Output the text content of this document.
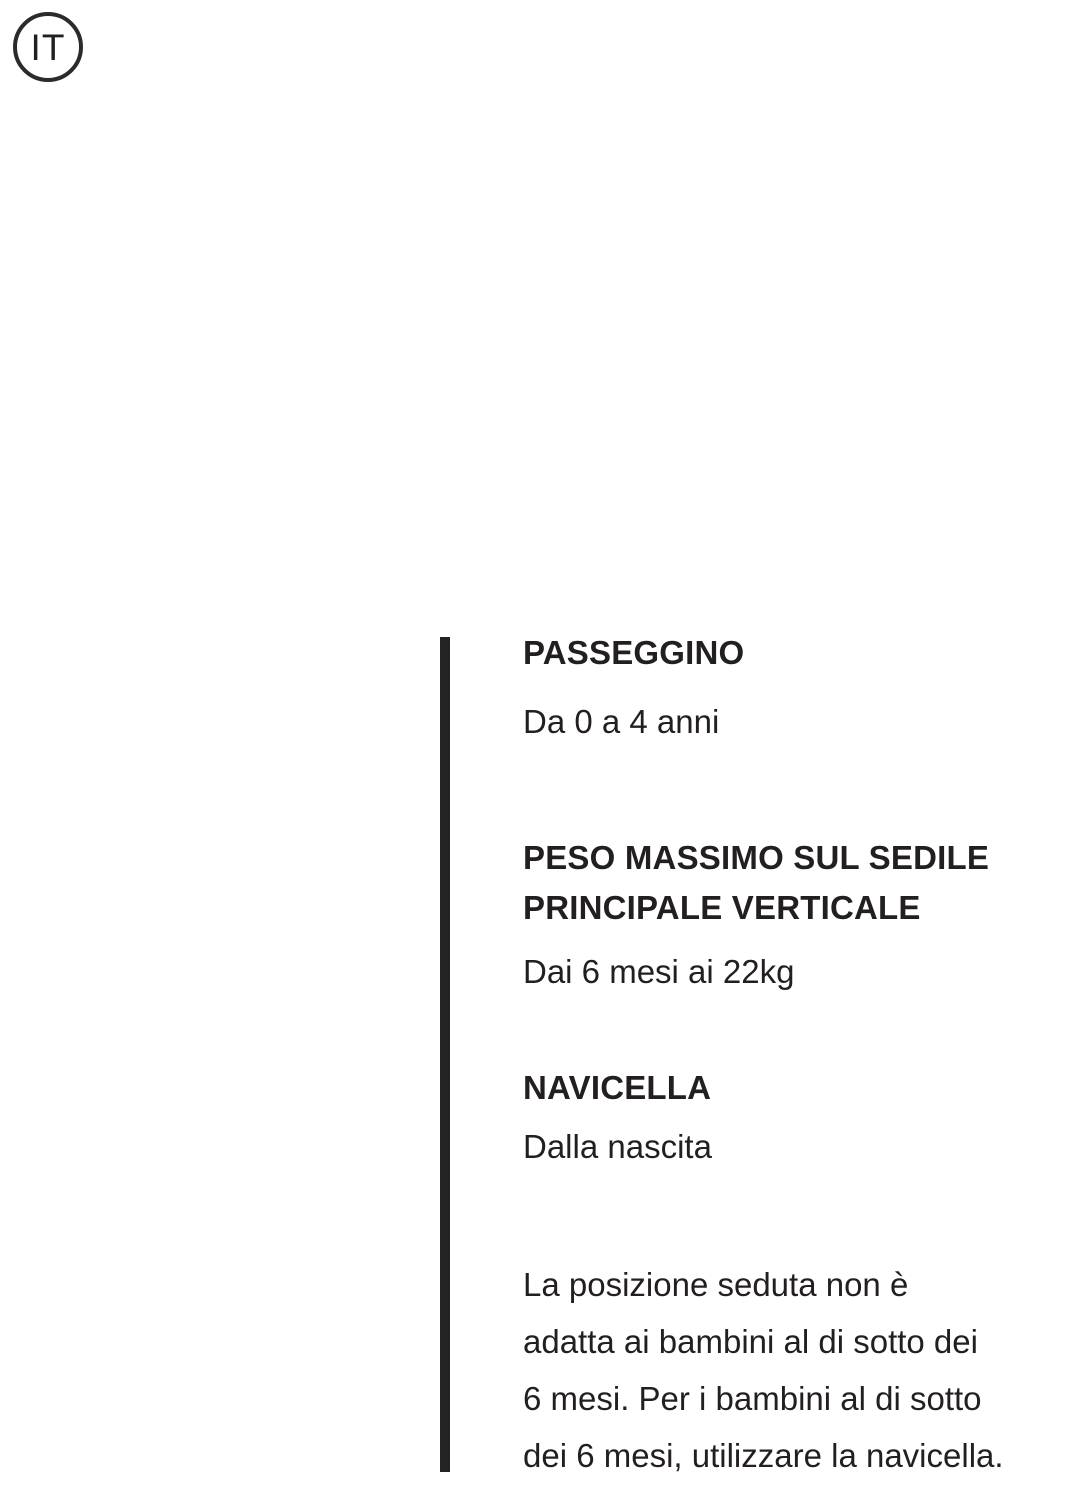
IT
PASSEGGINO
Da 0 a 4 anni
PESO MASSIMO SUL SEDILE
PRINCIPALE VERTICALE
Dai 6 mesi ai 22kg
NAVICELLA
Dalla nascita
La posizione seduta non è
adatta ai bambini al di sotto dei
6 mesi. Per i bambini al di sotto
dei 6 mesi, utilizzare la navicella.
